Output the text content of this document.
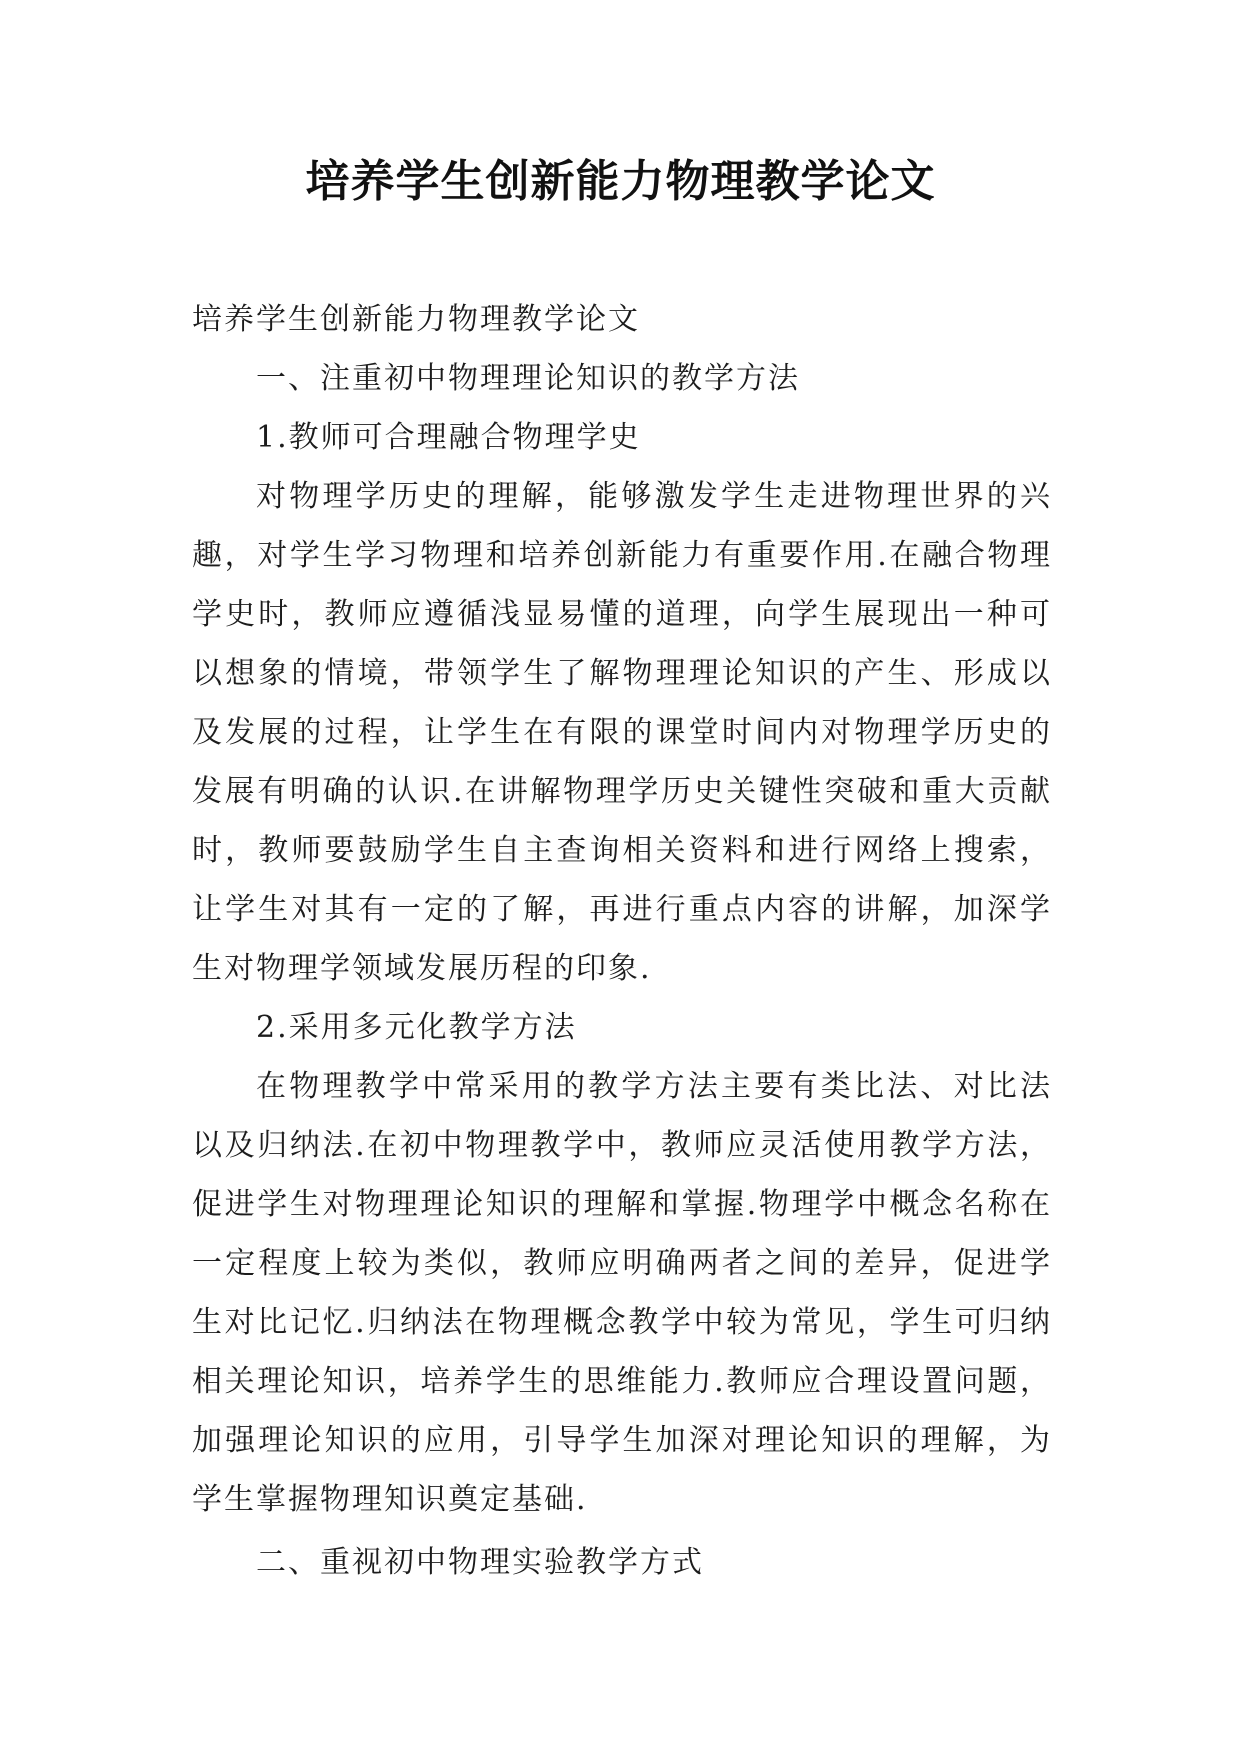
培养学生创新能力物理教学论文

培养学生创新能力物理教学论文

一、注重初中物理理论知识的教学方法

1.教师可合理融合物理学史

对物理学历史的理解，能够激发学生走进物理世界的兴趣，对学生学习物理和培养创新能力有重要作用.在融合物理学史时，教师应遵循浅显易懂的道理，向学生展现出一种可以想象的情境，带领学生了解物理理论知识的产生、形成以及发展的过程，让学生在有限的课堂时间内对物理学历史的发展有明确的认识.在讲解物理学历史关键性突破和重大贡献时，教师要鼓励学生自主查询相关资料和进行网络上搜索，让学生对其有一定的了解，再进行重点内容的讲解，加深学生对物理学领域发展历程的印象.

2.采用多元化教学方法

在物理教学中常采用的教学方法主要有类比法、对比法以及归纳法.在初中物理教学中，教师应灵活使用教学方法，促进学生对物理理论知识的理解和掌握.物理学中概念名称在一定程度上较为类似，教师应明确两者之间的差异，促进学生对比记忆.归纳法在物理概念教学中较为常见，学生可归纳相关理论知识，培养学生的思维能力.教师应合理设置问题，加强理论知识的应用，引导学生加深对理论知识的理解，为学生掌握物理知识奠定基础.

二、重视初中物理实验教学方式
